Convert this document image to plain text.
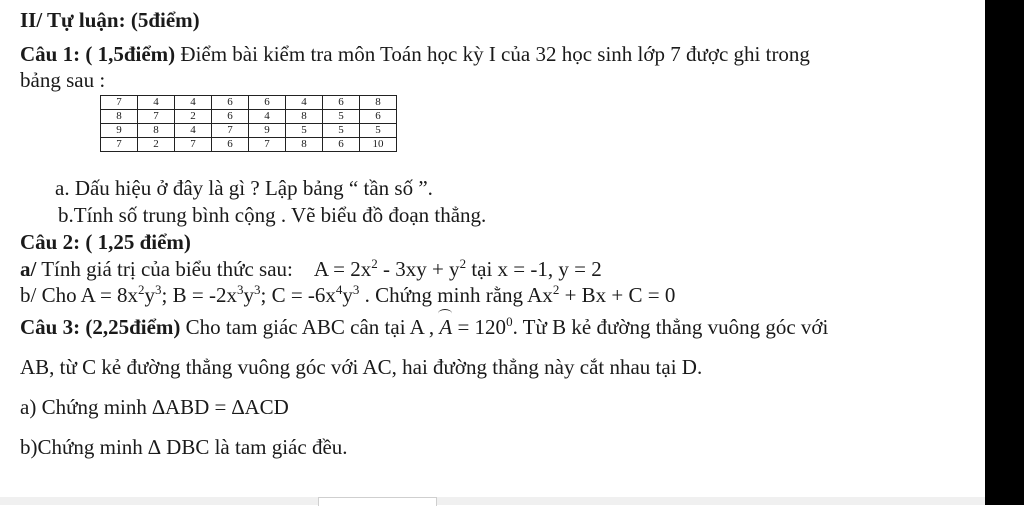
II/ Tự luận: (5điểm)
Câu 1: ( 1,5điểm) Điểm bài kiểm tra môn Toán học kỳ I của 32 học sinh lớp 7 được ghi trong
bảng sau :
7	4	4	6	6	4	6	8
8	7	2	6	4	8	5	6
9	8	4	7	9	5	5	5
7	2	7	6	7	8	6	10
a. Dấu hiệu ở đây là gì ? Lập bảng “ tần số ”.
b.Tính số trung bình cộng . Vẽ biểu đồ đoạn thẳng.
Câu 2: ( 1,25 điểm)
a/ Tính giá trị của biểu thức sau: $A = 2x^2 - 3xy + y^2$ tại x = -1, y = 2
b/ Cho $A = 8x^2y^3$; $B = -2x^3y^3$; $C = -6x^4y^3$ . Chứng minh rằng $Ax^2 + Bx + C = 0$
Câu 3: (2,25điểm) Cho tam giác ABC cân tại A , $A = 120^0$. Từ B kẻ đường thẳng vuông góc với
AB, từ C kẻ đường thẳng vuông góc với AC, hai đường thẳng này cắt nhau tại D.
a) Chứng minh ∆ABD = ∆ACD
b)Chứng minh ∆ DBC là tam giác đều.
